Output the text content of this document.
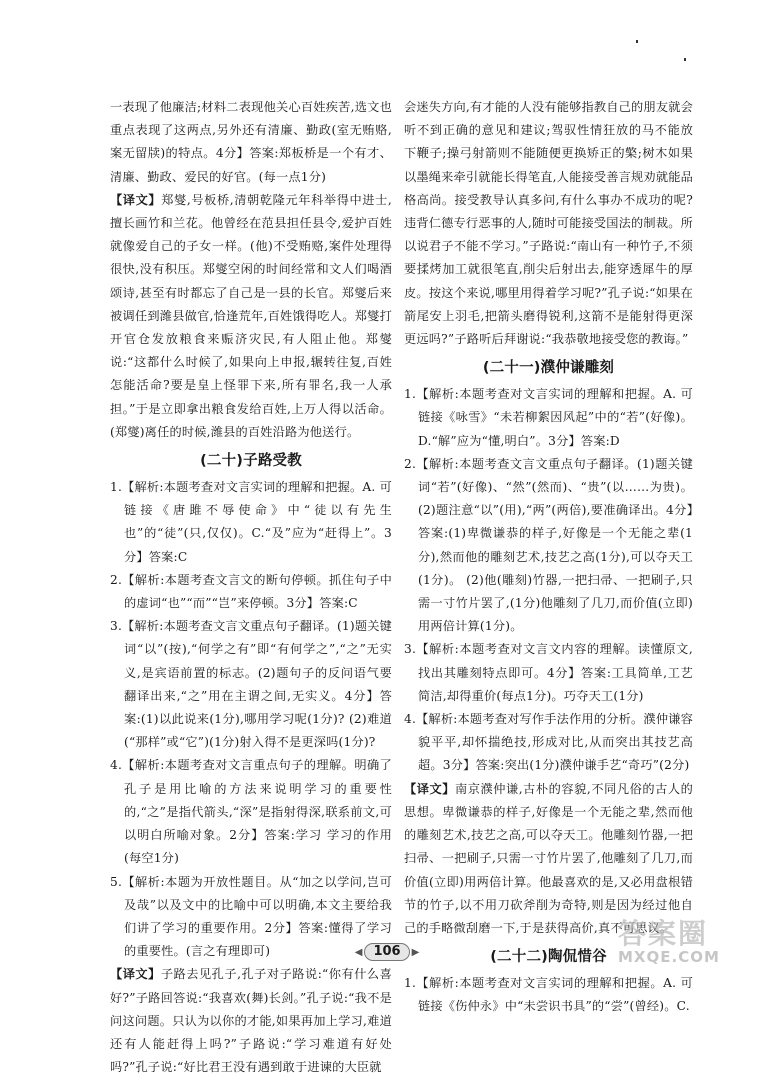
一表现了他廉洁;材料二表现他关心百姓疾苦,选文也重点表现了这两点,另外还有清廉、勤政(室无贿赂,案无留牍)的特点。4分】答案:郑板桥是一个有才、清廉、勤政、爱民的好官。(每一点1分)

【译文】郑燮,号板桥,清朝乾隆元年科举得中进士,擅长画竹和兰花。他曾经在范县担任县令,爱护百姓就像爱自己的子女一样。(他)不受贿赂,案件处理得很快,没有积压。郑燮空闲的时间经常和文人们喝酒颂诗,甚至有时都忘了自己是一县的长官。郑燮后来被调任到潍县做官,恰逢荒年,百姓饿得吃人。郑燮打开官仓发放粮食来赈济灾民,有人阻止他。郑燮说:“这都什么时候了,如果向上申报,辗转往复,百姓怎能活命?要是皇上怪罪下来,所有罪名,我一人承担。”于是立即拿出粮食发给百姓,上万人得以活命。(郑燮)离任的时候,潍县的百姓沿路为他送行。

(二十)子路受教

1.【解析:本题考查对文言实词的理解和把握。A. 可链接《唐雎不辱使命》中“徒以有先生也”的“徒”(只,仅仅)。C.“及”应为“赶得上”。3分】答案:C

2.【解析:本题考查文言文的断句停顿。抓住句子中的虚词“也”“而”“岂”来停顿。3分】答案:C

3.【解析:本题考查文言文重点句子翻译。(1)题关键词“以”(按),“何学之有”即“有何学之”,“之”无实义,是宾语前置的标志。(2)题句子的反问语气要翻译出来,“之”用在主谓之间,无实义。4分】答案:(1)以此说来(1分),哪用学习呢(1分)? (2)难道(“那样”或“它”)(1分)射入得不是更深吗(1分)?

4.【解析:本题考查对文言重点句子的理解。明确了孔子是用比喻的方法来说明学习的重要性的,“之”是指代箭头,“深”是指射得深,联系前文,可以明白所喻对象。2分】答案:学习 学习的作用(每空1分)

5.【解析:本题为开放性题目。从“加之以学问,岂可及哉”以及文中的比喻中可以明确,本文主要给我们讲了学习的重要作用。2分】答案:懂得了学习的重要性。(言之有理即可)

【译文】子路去见孔子,孔子对子路说:“你有什么喜好?”子路回答说:“我喜欢(舞)长剑。”孔子说:“我不是问这问题。只认为以你的才能,如果再加上学习,难道还有人能赶得上吗?”子路说:“学习难道有好处吗?”孔子说:“好比君王没有遇到敢于进谏的大臣就

会迷失方向,有才能的人没有能够指教自己的朋友就会听不到正确的意见和建议;驾驭性情狂放的马不能放下鞭子;操弓射箭则不能随便更换矫正的檠;树木如果以墨绳来牵引就能长得笔直,人能接受善言规劝就能品格高尚。接受教导认真多问,有什么事办不成功的呢?违背仁德专行恶事的人,随时可能接受国法的制裁。所以说君子不能不学习。”子路说:“南山有一种竹子,不须要揉烤加工就很笔直,削尖后射出去,能穿透犀牛的厚皮。按这个来说,哪里用得着学习呢?”孔子说:“如果在箭尾安上羽毛,把箭头磨得锐利,这箭不是能射得更深更远吗?”子路听后拜谢说:“我恭敬地接受您的教诲。”

(二十一)濮仲谦雕刻

1.【解析:本题考查对文言实词的理解和把握。A. 可链接《咏雪》“未若柳絮因风起”中的“若”(好像)。D.“解”应为“懂,明白”。3分】答案:D

2.【解析:本题考查文言文重点句子翻译。(1)题关键词“若”(好像)、“然”(然而)、“贵”(以……为贵)。(2)题注意“以”(用),“两”(两倍),要准确译出。4分】答案:(1)卑微谦恭的样子,好像是一个无能之辈(1分),然而他的雕刻艺术,技艺之高(1分),可以夺天工(1分)。 (2)他(雕刻)竹器,一把扫帚、一把刷子,只需一寸竹片罢了,(1分)他雕刻了几刀,而价值(立即)用两倍计算(1分)。

3.【解析:本题考查对文言文内容的理解。读懂原文,找出其雕刻特点即可。4分】答案:工具简单,工艺简洁,却得重价(每点1分)。巧夺天工(1分)

4.【解析:本题考查对写作手法作用的分析。濮仲谦容貌平平,却怀揣绝技,形成对比,从而突出其技艺高超。3分】答案:突出(1分)濮仲谦手艺“奇巧”(2分)

【译文】南京濮仲谦,古朴的容貌,不同凡俗的古人的思想。卑微谦恭的样子,好像是一个无能之辈,然而他的雕刻艺术,技艺之高,可以夺天工。他雕刻竹器,一把扫帚、一把刷子,只需一寸竹片罢了,他雕刻了几刀,而价值(立即)用两倍计算。他最喜欢的是,又必用盘根错节的竹子,以不用刀砍斧削为奇特,则是因为经过他自己的手略微刮磨一下,于是获得高价,真不可思议。

(二十二)陶侃惜谷

1.【解析:本题考查对文言实词的理解和把握。A. 可链接《伤仲永》中“未尝识书具”的“尝”(曾经)。C.

◀ 106	▶
答案圈
MXQE.COM
